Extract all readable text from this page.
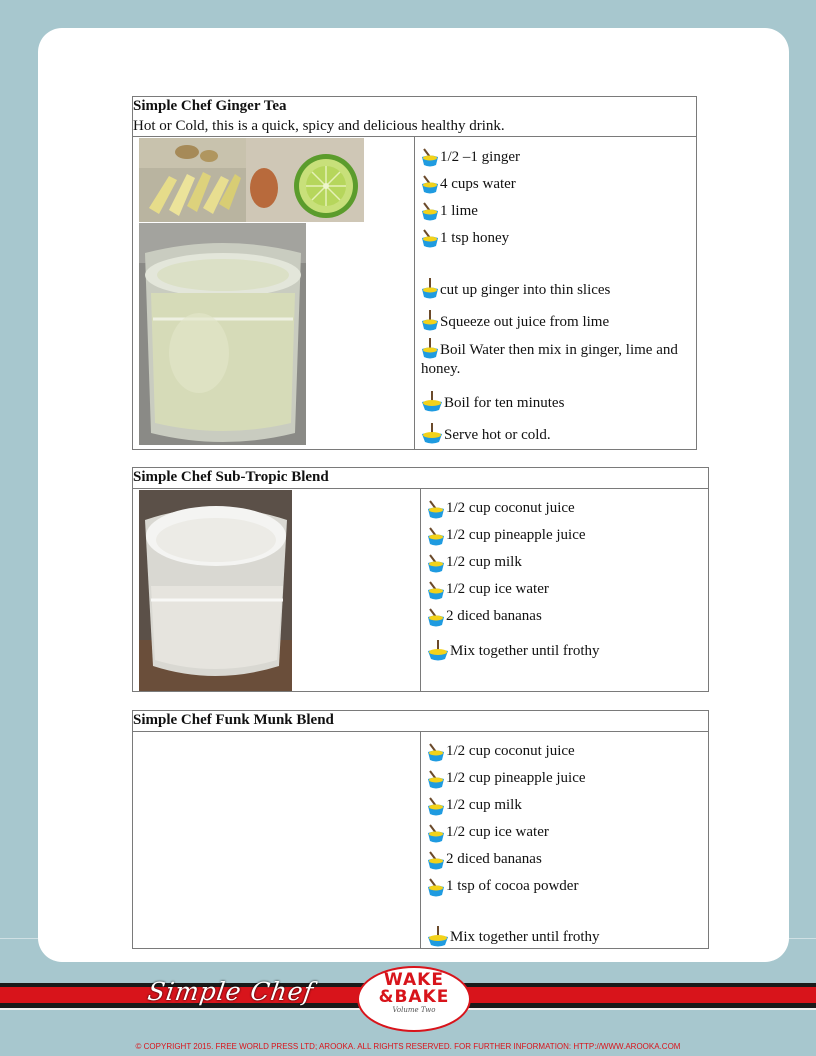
Simple Chef Ginger Tea
Hot or Cold, this is a quick, spicy and delicious healthy drink.

1/2 –1 ginger
4 cups water
1 lime
1 tsp honey
cut up ginger into thin slices
Squeeze out juice from lime
Boil Water then mix in ginger, lime and honey.
Boil for ten minutes
Serve hot or cold.
Simple Chef Sub-Tropic Blend

1/2 cup coconut juice
1/2 cup pineapple juice
1/2 cup milk
1/2 cup ice water
2 diced bananas
Mix together until frothy
Simple Chef Funk Munk Blend

1/2 cup coconut juice
1/2 cup pineapple juice
1/2 cup milk
1/2 cup ice water
2 diced bananas
1 tsp of cocoa powder
Mix together until frothy
Simple Chef	WAKE
&BAKE
Volume Two
© COPYRIGHT 2015. FREE WORLD PRESS LTD; AROOKA. ALL RIGHTS RESERVED. FOR FURTHER INFORMATION: HTTP://WWW.AROOKA.COM
